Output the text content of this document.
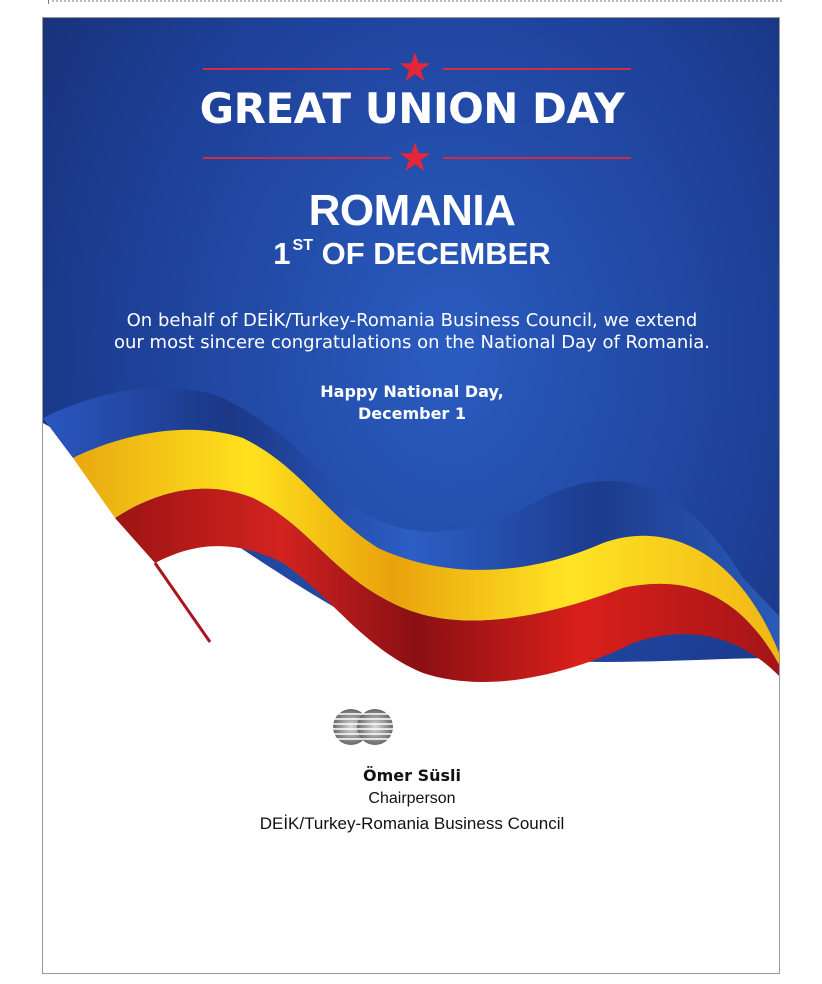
★
GREAT UNION DAY
★
ROMANIA
1 $^{ST}$ OF DECEMBER

On behalf of DEİK/Turkey-Romania Business Council, we extend

our most sincere congratulations on the National Day of Romania.

Happy National Day,
December 1
Ömer Süsli
Chairperson
DEİK/Turkey-Romania Business Council
